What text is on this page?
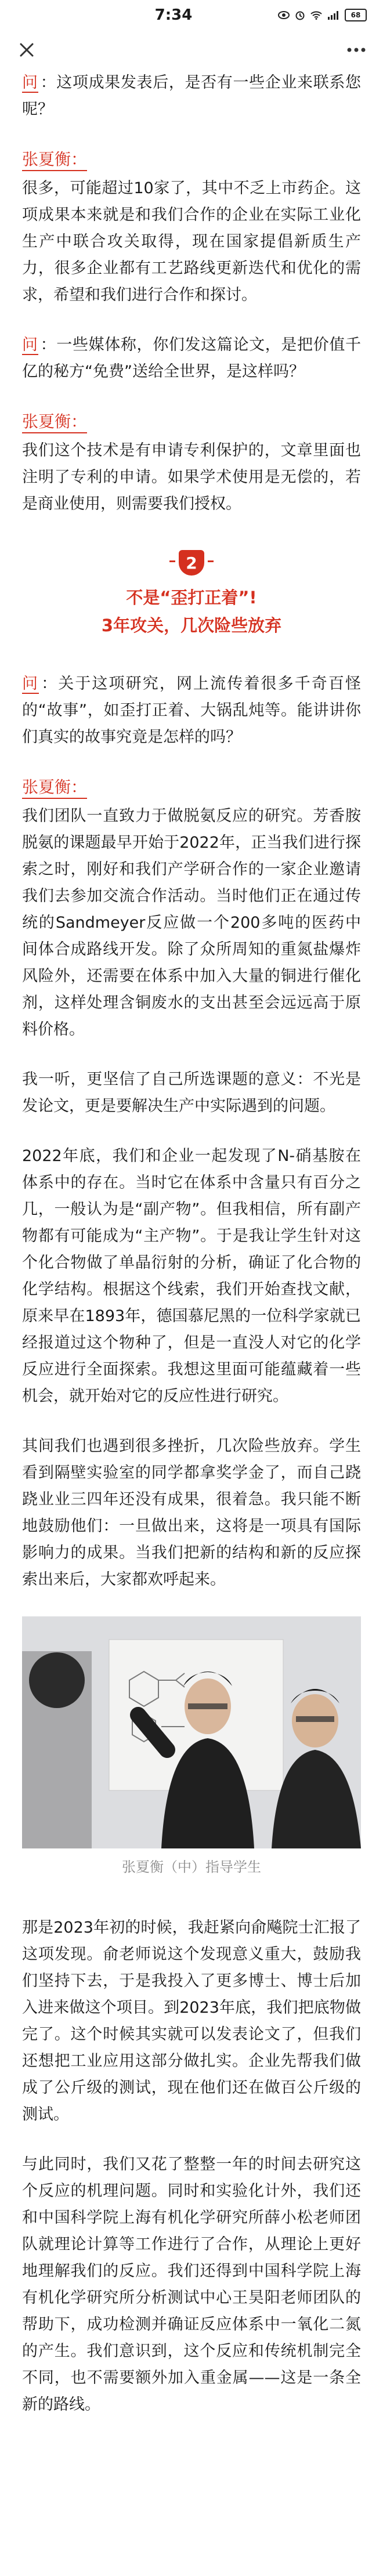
7:34	68

问 ：这项成果发表后，是否有一些企业来联系您呢？

张夏衡：

很多，可能超过10家了，其中不乏上市药企。这项成果本来就是和我们合作的企业在实际工业化生产中联合攻关取得，现在国家提倡新质生产力，很多企业都有工艺路线更新迭代和优化的需求，希望和我们进行合作和探讨。

问 ：一些媒体称，你们发这篇论文，是把价值千亿的秘方“免费”送给全世界，是这样吗？

张夏衡：

我们这个技术是有申请专利保护的，文章里面也注明了专利的申请。如果学术使用是无偿的，若是商业使用，则需要我们授权。

2
不是“歪打正着”!
3年攻关，几次险些放弃

问 ：关于这项研究，网上流传着很多千奇百怪的“故事”，如歪打正着、大锅乱炖等。能讲讲你们真实的故事究竟是怎样的吗？

张夏衡：

我们团队一直致力于做脱氨反应的研究。芳香胺脱氨的课题最早开始于2022年，正当我们进行探索之时，刚好和我们产学研合作的一家企业邀请我们去参加交流合作活动。当时他们正在通过传统的Sandmeyer反应做一个200多吨的医药中间体合成路线开发。除了众所周知的重氮盐爆炸风险外，还需要在体系中加入大量的铜进行催化剂，这样处理含铜废水的支出甚至会远远高于原料价格。

我一听，更坚信了自己所选课题的意义：不光是发论文，更是要解决生产中实际遇到的问题。

2022年底，我们和企业一起发现了N-硝基胺在体系中的存在。当时它在体系中含量只有百分之几，一般认为是“副产物”。但我相信，所有副产物都有可能成为“主产物”。于是我让学生针对这个化合物做了单晶衍射的分析，确证了化合物的化学结构。根据这个线索，我们开始查找文献，原来早在1893年，德国慕尼黑的一位科学家就已经报道过这个物种了，但是一直没人对它的化学反应进行全面探索。我想这里面可能蕴藏着一些机会，就开始对它的反应性进行研究。

其间我们也遇到很多挫折，几次险些放弃。学生看到隔壁实验室的同学都拿奖学金了，而自己跷跷业业三四年还没有成果，很着急。我只能不断地鼓励他们：一旦做出来，这将是一项具有国际影响力的成果。当我们把新的结构和新的反应探索出来后，大家都欢呼起来。

张夏衡（中）指导学生

那是2023年初的时候，我赶紧向俞飚院士汇报了这项发现。俞老师说这个发现意义重大，鼓励我们坚持下去，于是我投入了更多博士、博士后加入进来做这个项目。到2023年底，我们把底物做完了。这个时候其实就可以发表论文了，但我们还想把工业应用这部分做扎实。企业先帮我们做成了公斤级的测试，现在他们还在做百公斤级的测试。

与此同时，我们又花了整整一年的时间去研究这个反应的机理问题。同时和实验化计外，我们还和中国科学院上海有机化学研究所薛小松老师团队就理论计算等工作进行了合作，从理论上更好地理解我们的反应。我们还得到中国科学院上海有机化学研究所分析测试中心王昊阳老师团队的帮助下，成功检测并确证反应体系中一氧化二氮的产生。我们意识到，这个反应和传统机制完全不同，也不需要额外加入重金属——这是一条全新的路线。
